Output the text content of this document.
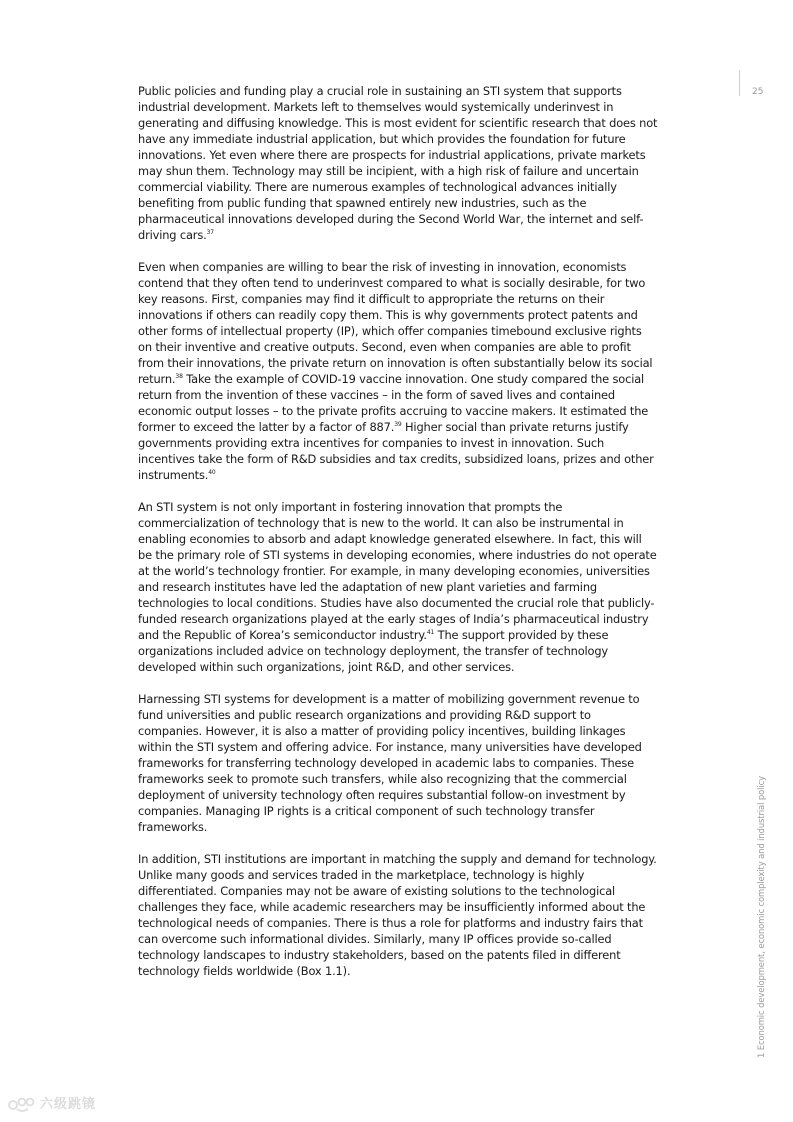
25
1 Economic development, economic complexity and industrial policy

Public policies and funding play a crucial role in sustaining an STI system that supports industrial development. Markets left to themselves would systemically underinvest in generating and diffusing knowledge. This is most evident for scientific research that does not have any immediate industrial application, but which provides the foundation for future innovations. Yet even where there are prospects for industrial applications, private markets may shun them. Technology may still be incipient, with a high risk of failure and uncertain commercial viability. There are numerous examples of technological advances initially benefiting from public funding that spawned entirely new industries, such as the pharmaceutical innovations developed during the Second World War, the internet and self-driving cars.$^{37}$

Even when companies are willing to bear the risk of investing in innovation, economists contend that they often tend to underinvest compared to what is socially desirable, for two key reasons. First, companies may find it difficult to appropriate the returns on their innovations if others can readily copy them. This is why governments protect patents and other forms of intellectual property (IP), which offer companies timebound exclusive rights on their inventive and creative outputs. Second, even when companies are able to profit from their innovations, the private return on innovation is often substantially below its social return.$^{38}$ Take the example of COVID-19 vaccine innovation. One study compared the social return from the invention of these vaccines – in the form of saved lives and contained economic output losses – to the private profits accruing to vaccine makers. It estimated the former to exceed the latter by a factor of 887.39 Higher social than private returns justify governments providing extra incentives for companies to invest in innovation. Such incentives take the form of R&D subsidies and tax credits, subsidized loans, prizes and other instruments.$^{40}$

An STI system is not only important in fostering innovation that prompts the commercialization of technology that is new to the world. It can also be instrumental in enabling economies to absorb and adapt knowledge generated elsewhere. In fact, this will be the primary role of STI systems in developing economies, where industries do not operate at the world’s technology frontier. For example, in many developing economies, universities and research institutes have led the adaptation of new plant varieties and farming technologies to local conditions. Studies have also documented the crucial role that publicly-funded research organizations played at the early stages of India’s pharmaceutical industry and the Republic of Korea’s semiconductor industry.$^{41}$ The support provided by these organizations included advice on technology deployment, the transfer of technology developed within such organizations, joint R&D, and other services.

Harnessing STI systems for development is a matter of mobilizing government revenue to fund universities and public research organizations and providing R&D support to companies. However, it is also a matter of providing policy incentives, building linkages within the STI system and offering advice. For instance, many universities have developed frameworks for transferring technology developed in academic labs to companies. These frameworks seek to promote such transfers, while also recognizing that the commercial deployment of university technology often requires substantial follow-on investment by companies. Managing IP rights is a critical component of such technology transfer frameworks.

In addition, STI institutions are important in matching the supply and demand for technology. Unlike many goods and services traded in the marketplace, technology is highly differentiated. Companies may not be aware of existing solutions to the technological challenges they face, while academic researchers may be insufficiently informed about the technological needs of companies. There is thus a role for platforms and industry fairs that can overcome such informational divides. Similarly, many IP offices provide so-called technology landscapes to industry stakeholders, based on the patents filed in different technology fields worldwide (Box 1.1).

六级跳镜
